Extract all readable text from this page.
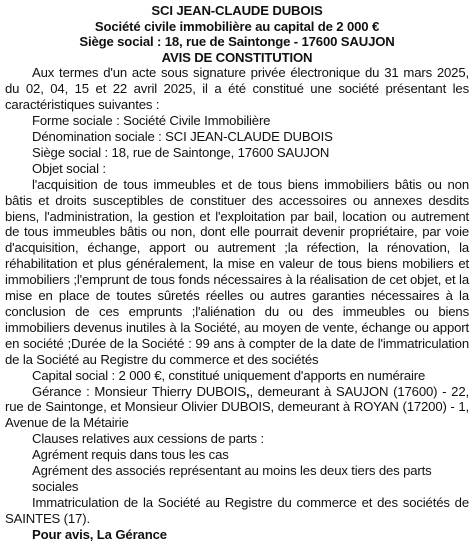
SCI JEAN-CLAUDE DUBOIS
Société civile immobilière au capital de 2 000 €
Siège social : 18, rue de Saintonge - 17600 SAUJON
AVIS DE CONSTITUTION

Aux termes d'un acte sous signature privée électronique du 31 mars 2025, du 02, 04, 15 et 22 avril 2025, il a été constitué une société présentant les caractéristiques suivantes :

Forme sociale : Société Civile Immobilière

Dénomination sociale : SCI JEAN-CLAUDE DUBOIS

Siège social : 18, rue de Saintonge, 17600 SAUJON

Objet social :

l'acquisition de tous immeubles et de tous biens immobiliers bâtis ou non bâtis et droits susceptibles de constituer des accessoires ou annexes desdits biens, l'administration, la gestion et l'exploitation par bail, location ou autrement de tous immeubles bâtis ou non, dont elle pourrait devenir propriétaire, par voie d'acquisition, échange, apport ou autrement ;la réfection, la rénovation, la réhabilitation et plus généralement, la mise en valeur de tous biens mobiliers et immobiliers ;l'emprunt de tous fonds nécessaires à la réalisation de cet objet, et la mise en place de toutes sûretés réelles ou autres garanties nécessaires à la conclusion de ces emprunts ;l'aliénation du ou des immeubles ou biens immobiliers devenus inutiles à la Société, au moyen de vente, échange ou apport en société ;Durée de la Société : 99 ans à compter de la date de l'immatriculation de la Société au Registre du commerce et des sociétés

Capital social : 2 000 €, constitué uniquement d'apports en numéraire

Gérance : Monsieur Thierry DUBOIS,, demeurant à SAUJON (17600) - 22, rue de Saintonge, et Monsieur Olivier DUBOIS, demeurant à ROYAN (17200) - 1, Avenue de la Métairie

Clauses relatives aux cessions de parts :

Agrément requis dans tous les cas

Agrément des associés représentant au moins les deux tiers des parts sociales

Immatriculation de la Société au Registre du commerce et des sociétés de SAINTES (17).

Pour avis, La Gérance
